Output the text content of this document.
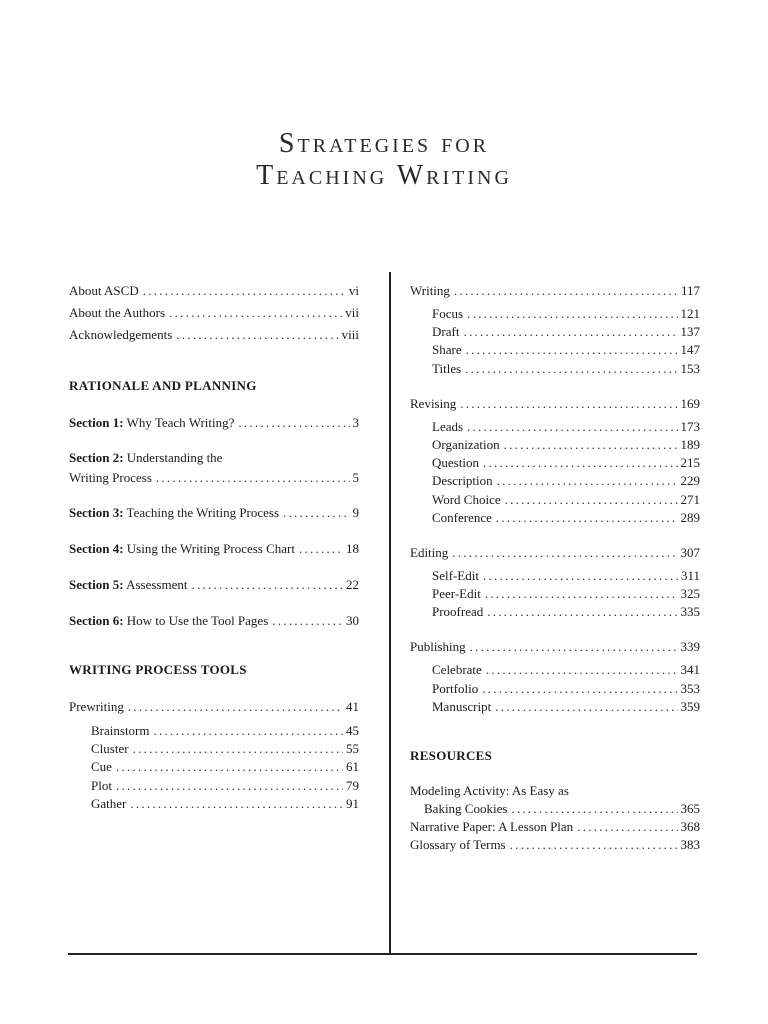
Strategies for
Teaching Writing
About ASCD . . .	vi
About the Authors . . .	vii
Acknowledgements . . .	viii
RATIONALE AND PLANNING
Section 1: Why Teach Writing? . . .	3
Section 2: Understanding the
Writing Process . . .	5
Section 3: Teaching the Writing Process . . .	9
Section 4: Using the Writing Process Chart . . .	18
Section 5: Assessment . . .	22
Section 6: How to Use the Tool Pages . . .	30
WRITING PROCESS TOOLS
Prewriting . . .	41
Brainstorm . . .	45
Cluster . . .	55
Cue . . .	61
Plot . . .	79
Gather . . .	91
Writing . . .	117
Focus . . .	121
Draft . . .	137
Share . . .	147
Titles . . .	153
Revising . . .	169
Leads . . .	173
Organization . . .	189
Question . . .	215
Description . . .	229
Word Choice . . .	271
Conference . . .	289
Editing . . .	307
Self-Edit . . .	311
Peer-Edit . . .	325
Proofread . . .	335
Publishing . . .	339
Celebrate . . .	341
Portfolio . . .	353
Manuscript . . .	359
RESOURCES
Modeling Activity: As Easy as
Baking Cookies . . .	365
Narrative Paper: A Lesson Plan . . .	368
Glossary of Terms . . .	383
